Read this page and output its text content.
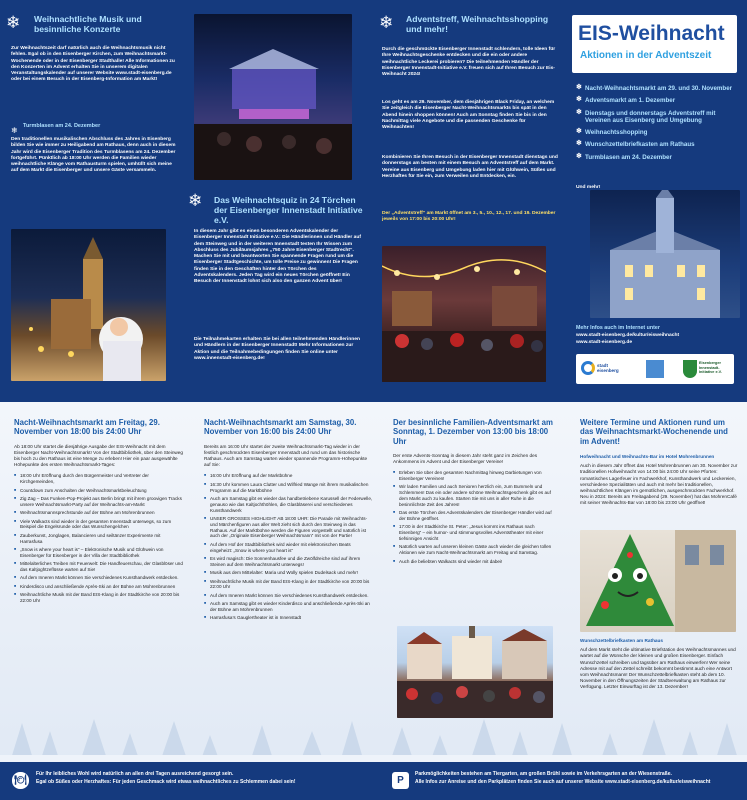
❄ Weihnachtliche Musik und besinnliche Konzerte
Zur Weihnachtszeit darf natürlich auch die Weihnachtsmusik nicht fehlen. Egal ob in den Eisenberger Kirchen, zum Weihnachtsmarkt-Wochenende oder in der Eisenberger Stadthalle! Alle Informationen zu den Konzerten im Advent erhalten Sie in unserem digitalen Veranstaltungskalender auf unserer Website www.stadt-eisenberg.de oder bei einem Besuch in der Eisenberg-Information am Markt!
Turmblasen am 24. Dezember
❄
Den traditionellen musikalischen Abschluss des Jahres in Eisenberg bilden Sie wie immer zu Heiligabend am Rathaus, denn auch in diesem Jahr wird die Eisenberger Tradition des Turmblasens am 24. Dezember fortgeführt. Pünktlich ab 18:00 Uhr werden die Familien wieder weihnachtliche Klänge vom Rathausturm spielen, umhüllt sich meine auf dem Markt die Eisenberger und unsere Gäste versammeln.
❄ Das Weihnachtsquiz in 24 Törchen der Eisenberger Innenstadt Initiative e.V.
In diesem Jahr gibt es einen besonderen Adventskalender der Eisenberger Innenstadt Initiative e.V.: Die Händlerinnen und Händler auf dem Steinweg und in der weiteren Innenstadt testen Ihr Wissen zum Abschluss des Jubiläumsjahres „750 Jahre Eisenberger Stadtrecht“. Machen Sie mit und beantworten Sie spannende Fragen rund um die Eisenberger Stadtgeschichte, um tolle Preise zu gewinnen! Die Fragen finden Sie in den Geschäften hinter den Törchen des Adventskalenders. Jeden Tag wird ein neues Törchen geöffnet! Ein Besuch der Innenstadt lohnt sich also den ganzen Advent über!
Die Teilnahmekarten erhalten Sie bei allen teilnehmenden Händlerinnen und Händlern in der Eisenberger Innenstadt! Mehr Informationen zur Aktion und die Teilnahmebedingungen finden Sie online unter www.innenstadt-eisenberg.de!
❄ Adventstreff, Weihnachtsshopping und mehr!
Durch die geschmückte Eisenberger Innenstadt schlendern, tolle Ideen für Ihre Weihnachtsgeschenke entdecken und die ein oder andere weihnachtliche Leckerei probieren? Die teilnehmenden Händler der Eisenberger Innenstadt-Initiative e.V. freuen sich auf Ihren Besuch zur Eis-Weihnacht 2024!
Los geht es am 29. November, dem diesjährigen Black Friday, an welchem Sie zeitgleich die Eisenberger Nacht-Weihnachtsmarkts bis spät in den Abend hinein shoppen können! Auch am Sonntag finden Sie bis in den Nachmittag viele Angebote und die passenden Geschenke für Weihnachten!
Kombinieren Sie Ihren Besuch in der Eisenberger Innenstadt dienstags und donnerstags am besten mit einem Besuch am Adventstreff auf dem Markt. Vereine aus Eisenberg und Umgebung laden hier mit Glühwein, Süßes und Herzhaftes für Sie ein, zum Verweilen und Entdecken, ein.
Der „Adventstreff“ am Markt öffnet am 3., 5., 10., 12., 17. und 19. Dezember jeweils von 17:00 bis 20:00 Uhr!
EIS-Weihnacht
Aktionen in der Adventszeit
❄ Nacht-Weihnachtsmarkt am 29. und 30. November
❄ Adventsmarkt am 1. Dezember
❄ Dienstags und donnerstags Adventstreff mit Vereinen aus Eisenberg und Umgebung
❄ Weihnachtsshopping
❄ Wunschzettelbriefkasten am Rathaus
❄ Turmblasen am 24. Dezember
Und mehr!
Mehr Infos auch im Internet unter
www.stadt-eisenberg.de/kultur/eisweihnacht
www.stadt-eisenberg.de
stadt eisenberg
Eisenberger Innenstadt-Initiative e.V.
Nacht-Weihnachtsmarkt am Freitag, 29. November von 18:00 bis 24:00 Uhr
Ab 18:00 Uhr startet die diesjährige Ausgabe der EIS-Weihnacht mit dem Eisenberger Nacht-Weihnachtsmarkt! Von der Stadtbibliothek, über den Steinweg bis hoch zu den Rathaus ist eine Menge zu erleben! Hier ein paar ausgewählte Höhepunkte des ersten Weihnachtsmarkt-Tages:
■ 18:00 Uhr Eröffnung durch den Bürgermeister und Vertreter der Kirchgemeinden,
■ Countdown zum Anschalten der Weihnachtsmarktbeleuchtung
■ Zig Zag – Das Funken-Pop-Projekt aus Berlin bringt mit ihrem groovigen Tracks unsere Weihnachtsmarkt-Party auf der Weihnachts-am-Markt
■ Weihnachtsmannsprechstunde auf der Bühne am Mohrenbrunnen
■ Viele Walkacts sind wieder in der gesamten Innenstadt unterwegs, so zum Beispiel die Engelsrunde oder das Wunschengelchen
■ Zauberkunst, Jonglagen, Balancieren und seiltänzer Experimente mit Harrasfusa
■ „Snow is where your heart is“ – Elektronische Musik und Glühwein von Eisenberger für Eisenberger in der Villa der Stadtbibliothek
■ Mittelalterliches Treiben mit Feuerwelt: Die Handfeuerschau, der Glasblöser und das Kaltjoghtzeflüsse warten auf Sie!
■ Auf dem Inneren Markt können Sie verschiedenes Kunsthandwerk entdecken.
■ Kinderdisco und anschließende Après-Ski an der Bühne am Mohrenbrunnen
■ Weihnachtliche Musik mit der Band EIS-Klang in der Stadtkirche von 20:00 bis 22:00 Uhr
Nacht-Weihnachtsmarkt am Samstag, 30. November von 16:00 bis 24:00 Uhr
Bereits am 16:00 Uhr startet der zweite Weihnachtsmarkt-Tag wieder in der festlich geschmückten Eisenberger Innenstadt und rund um das historische Rathaus. Auch am Samstag warten wieder spannende Programm-Höhepunkte auf Sie:
■ 16:00 Uhr Eröffnung auf der Marktbühne
■ 16:30 Uhr kommen Laura Clutter und Wilfried Wange mit ihrem musikalischen Programm auf die Marktbühne
■ Auch am Samstag gibt es wieder das handbetriebene Karussell der Federwelle, genauso wie das Kaltjochthöhlen, die Glasbläserei und verschiedenes Kunsthandwerk
■ UNSER GROSSES HIGHLIGHT AB 18:00 UHR: Die Parade mit Weihnachts- und Märchenfiguren aus aller Welt zieht sich durch den Steinweg in das Rathaus. Auf der Marktbühne werden die Figuren vorgestellt und natürlich ist auch der „Originale Eisenberger Weihnachtsmann“ mit von der Partie!
■ Auf dem Hof der Stadtbibliothek wird wieder mit elektronischen Beats eingeheizt: „Snow is where your heart is“
■ Es wird magisch: Die Sonnenhausfee und die Zwölfdreiche sind auf ihrem Steinen auf dem Weihnachtsmarkt unterwegs!
■ Musik aus dem Mittelalter: Maria und Wolly spielen Dudelsack und mehr!
■ Weihnachtliche Musik mit der Band EIS-Klang in der Stadtkirche von 20:00 bis 22:00 Uhr
■ Auf dem Inneren Markt können Sie verschiedenes Kunsthandwerk entdecken.
■ Auch am Samstag gibt es wieder Kinderdisco und anschließende Après-Ski an der Bühne am Mohrenbrunnen
■ Harrasfusa’s Gauglertheater ist in Innenstadt
Der besinnliche Familien-Adventsmarkt am Sonntag, 1. Dezember von 13:00 bis 18:00 Uhr
Der erste Advents-Sonntag in diesem Jahr steht ganz im Zeichen des Ankommens im Advent und der Eisenberger Vereine!
■ Erleben Sie über den gesamten Nachmittag hinweg Darbietungen von Eisenberger Vereinen!
■ Wir laden Familien und auch Senioren herzlich ein, zum Bummeln und Schlemmen! Das ein oder andere schöne Weihnachtsgeschenk gibt es auf dem Markt auch zu kaufen. Starten Sie mit uns in aller Ruhe in die besinnlichste Zeit des Jahres!
■ Das erste Törchen des Adventskalenders der Eisenberger Händler wird auf der Bühne geöffnet.
■ 17:00 in der Stadtkirche St. Peter: „Jesus kommt ins Rathaus nach Eisenberg“ – ein humor- und stimmungsvolles Adventstheater mit einer tiefsinnigen Ansicht
■ Natürlich warten auf unseren kleinen Gäste auch wieder die gleichen tollen Aktionen wie zum Nacht-Weihnachtsmarkt am Freitag und Samstag.
■ Auch die beliebten Walkacts sind wieder mit dabei!
Weitere Termine und Aktionen rund um das Weihnachtsmarkt-Wochenende und im Advent!
Hofweihnacht und Weihnachts-Bar im Hotel Mohrenbrunnen
Auch in diesem Jahr öffnet das Hotel Mohrenbrunnen am 30. November zur traditionellen Hofweihnacht von 14:00 bis 24:00 Uhr seine Pforten: romantisches Lagerfeuer im Fachwerkhof, Kunsthandwerk und Leckereien, verschiedene Spezialitäten und auch mit mehr bei traditionellen, weihnachtlichen Klängen im gemütlichen, ausgeschmückten Fachwerkhof. Neu in 2024: Bereits am Freitagabend (29. November) hat das MohrenCafé mit seiner Weihnachts-Bar von 18:00 bis 23:00 Uhr geöffnet!
Wunschzettelbriefkasten am Rathaus
Auf dem Markt steht die ultimative Briefstation des Weihnachtsmannes und wartet auf die Wünsche der kleinen und großen Eisenberger. Einfach Wunschzettel schreiben und tagsüber am Rathaus einwerfen! Wer seine Adresse mit auf den Zettel schreibt bekommt bestimmt auch eine Antwort vom Weihnachtsmann! Der Wunschzettelbriefkasten steht ab dem 10. November in den Öffnungszeiten der Stadtverwaltung am Rathaus zur Verfügung. Letzter Einwurftag ist der 13. Dezember!
🍽
Für Ihr leibliches Wohl wird natürlich an allen drei Tagen ausreichend gesorgt sein.
Egal ob Süßes oder Herzhaftes: Für jeden Geschmack wird etwas weihnachtliches zu Schlemmen dabei sein!	P
Parkmöglichkeiten bestehen am Tiergarten, am großen Brühl sowie im Verkehrsgarten an der Wiesenstraße.
Alle Infos zur Anreise und den Parkplätzen finden Sie auch auf unserer Website www.stadt-eisenberg.de/kultur/eisweihnacht
